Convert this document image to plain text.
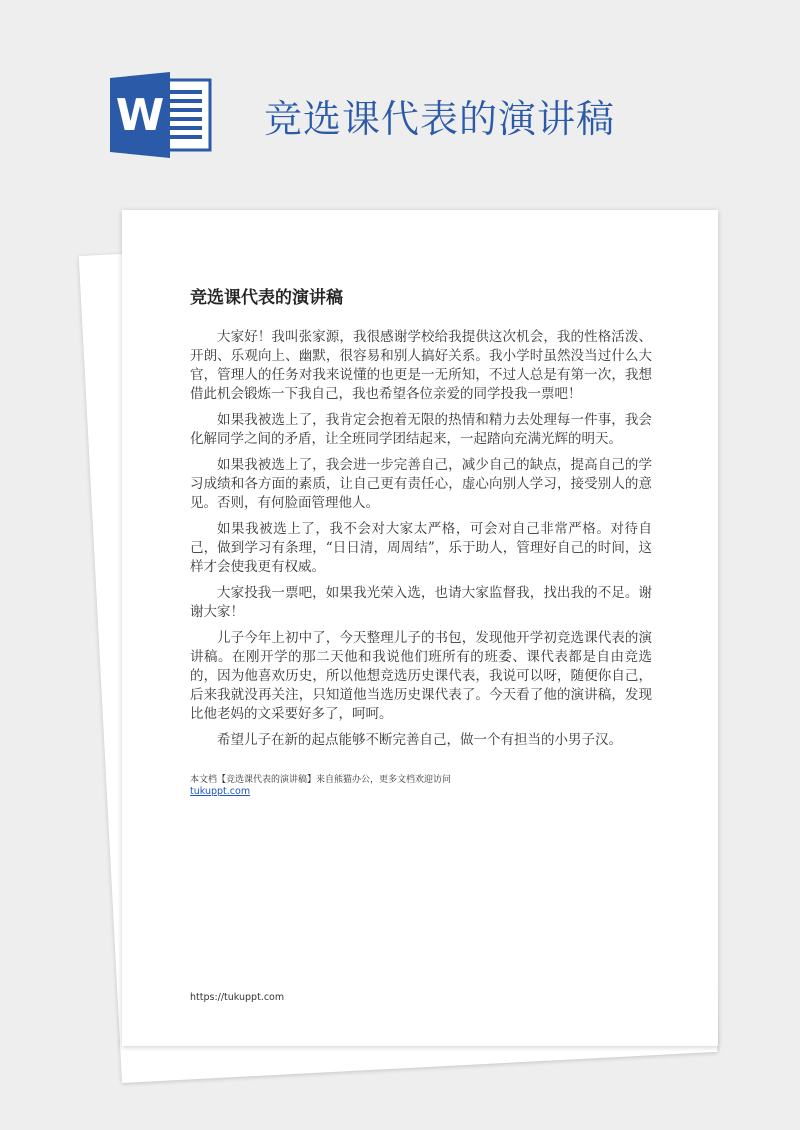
W	竞选课代表的演讲稿
竞选课代表的演讲稿

大家好！我叫张家源，我很感谢学校给我提供这次机会，我的性格活泼、开朗、乐观向上、幽默，很容易和别人搞好关系。我小学时虽然没当过什么大官，管理人的任务对我来说懂的也更是一无所知，不过人总是有第一次，我想借此机会锻炼一下我自己，我也希望各位亲爱的同学投我一票吧！

如果我被选上了，我肯定会抱着无限的热情和精力去处理每一件事，我会化解同学之间的矛盾，让全班同学团结起来，一起踏向充满光辉的明天。

如果我被选上了，我会进一步完善自己，减少自己的缺点，提高自己的学习成绩和各方面的素质，让自己更有责任心，虚心向别人学习，接受别人的意见。否则，有何脸面管理他人。

如果我被选上了，我不会对大家太严格，可会对自己非常严格。对待自己，做到学习有条理，“日日清，周周结”，乐于助人，管理好自己的时间，这样才会使我更有权威。

大家投我一票吧，如果我光荣入选，也请大家监督我，找出我的不足。谢谢大家！

儿子今年上初中了，今天整理儿子的书包，发现他开学初竞选课代表的演讲稿。在刚开学的那二天他和我说他们班所有的班委、课代表都是自由竞选的，因为他喜欢历史，所以他想竞选历史课代表，我说可以呀，随便你自己，后来我就没再关注，只知道他当选历史课代表了。今天看了他的演讲稿，发现比他老妈的文采要好多了，呵呵。

希望儿子在新的起点能够不断完善自己，做一个有担当的小男子汉。

本文档【竞选课代表的演讲稿】来自熊猫办公，更多文档欢迎访问
tukuppt.com
https://tukuppt.com
